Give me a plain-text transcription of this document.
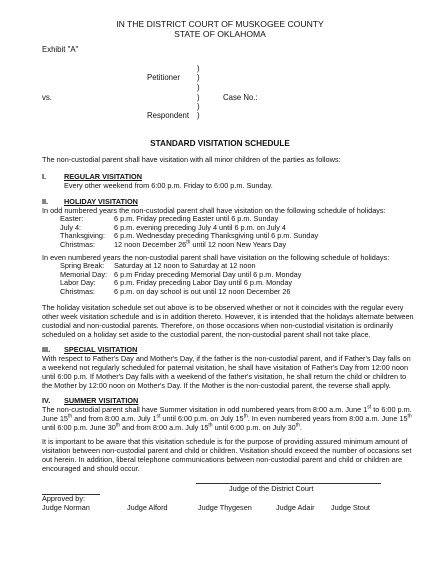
IN THE DISTRICT COURT OF MUSKOGEE COUNTY
STATE OF OKLAHOMA
Exhibit "A"
Petitioner
vs.	Case No.:
Respondent
)
)
)
)
)
)
STANDARD VISITATION SCHEDULE
The non-custodial parent shall have visitation with all minor children of the parties as follows:
I. REGULAR VISITATION
Every other weekend from 6:00 p.m. Friday to 6:00 p.m. Sunday.
II. HOLIDAY VISITATION
In odd numbered years the non-custodial parent shall have visitation on the following schedule of holidays:
Easter:	6 p.m. Friday preceding Easter until 6 p.m. Sunday
July 4:	6 p.m. evening preceding July 4 until 6 p.m. on July 4
Thanksgiving:	6 p.m. Wednesday preceding Thanksgiving until 6 p.m. Sunday
Christmas:	12 noon December 26th until 12 noon New Years Day
In even numbered years the non-custodial parent shall have visitation on the following schedule of holidays:
Spring Break:	Saturday at 12 noon to Saturday at 12 noon
Memorial Day: 6 p.m Friday preceding Memorial Day until 6 p.m. Monday
Labor Day:	6 p.m. Friday preceding Labor Day until 6 p.m. Monday
Christmas:	6 p.m. on day school is out until 12 noon December 26
The holiday visitation schedule set out above is to be observed whether or not it coincides with the regular every other week visitation schedule and is in addition thereto. However, it is intended that the holidays alternate between custodial and non-custodial parents. Therefore, on those occasions when non-custodial visitation is ordinarily scheduled on a holiday set aside to the custodial parent, the non-custodial parent shall not take place.
III. SPECIAL VISITATION
With respect to Father's Day and Mother's Day, if the father is the non-custodial parent, and if Father's Day falls on a weekend not regularly scheduled for paternal visitation, he shall have visitation of Father's Day from 12:00 noon until 6:00 p.m. If Mother's Day falls with a weekend of the father's visitation, he shall return the child or children to the Mother by 12:00 noon on Mother's Day. If the Mother is the non-custodial parent, the reverse shall apply.
IV. SUMMER VISITATION
The non-custodial parent shall have Summer visitation in odd numbered years from 8:00 a.m. June 1st to 6:00 p.m. June 15th and from 8:00 a.m. July 1st until 6:00 p.m. on July 15th. In even numbered years from 8:00 a.m. June 15th until 6:00 p.m. June 30th and from 8:00 a.m. July 15th until 6:00 p.m. on July 30th.
It is important to be aware that this visitation schedule is for the purpose of providing assured minimum amount of visitation between non-custodial parent and child or children. Visitation should exceed the number of occasions set out herein. In addition, liberal telephone communications between non-custodial parent and child or children are encouraged and should occur.
Judge of the District Court
Approved by:
Judge Norman	Judge Alford	Judge Thygesen	Judge Adair Judge Stout
